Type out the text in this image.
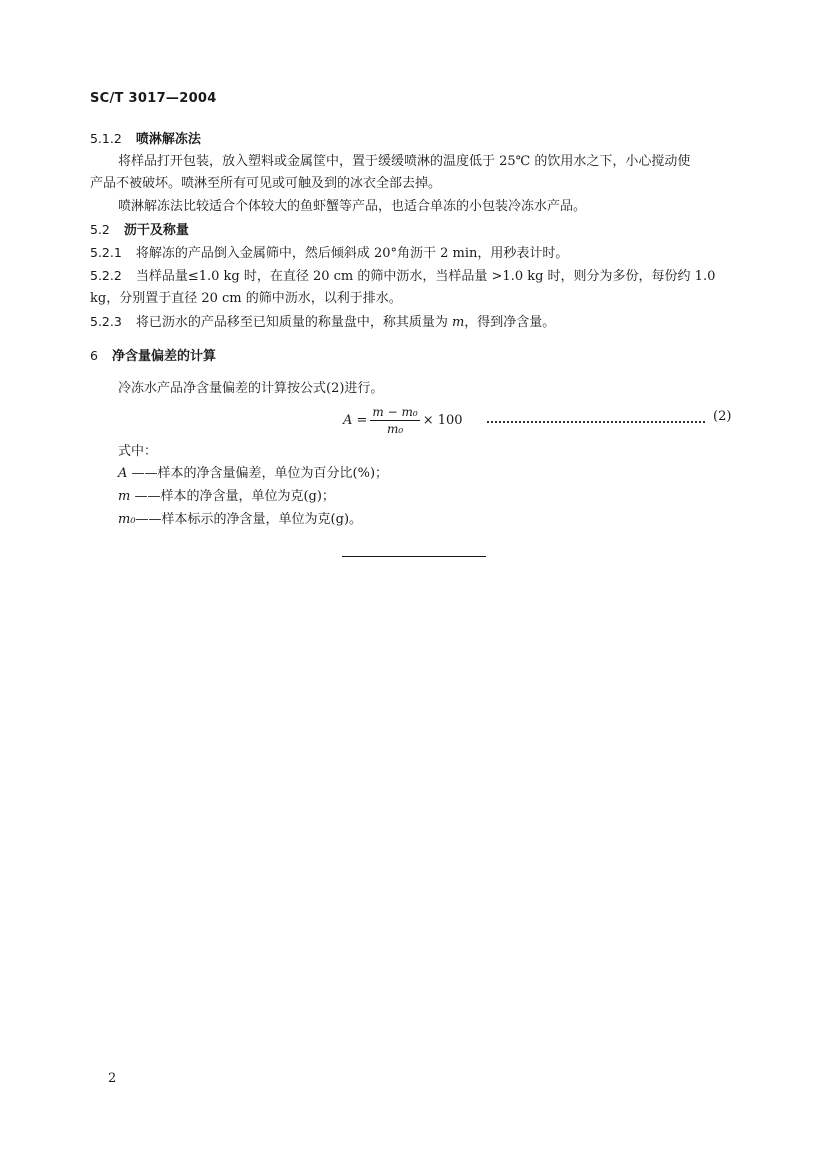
SC/T 3017—2004
5.1.2 喷淋解冻法
将样品打开包装，放入塑料或金属筐中，置于缓缓喷淋的温度低于 25℃ 的饮用水之下，小心搅动使
产品不被破坏。喷淋至所有可见或可触及到的冰衣全部去掉。
喷淋解冻法比较适合个体较大的鱼虾蟹等产品，也适合单冻的小包装冷冻水产品。
5.2 沥干及称量
5.2.1 将解冻的产品倒入金属筛中，然后倾斜成 20°角沥干 2 min，用秒表计时。
5.2.2 当样品量≤1.0 kg 时，在直径 20 cm 的筛中沥水，当样品量 >1.0 kg 时，则分为多份，每份约 1.0
kg，分别置于直径 20 cm 的筛中沥水，以利于排水。
5.2.3 将已沥水的产品移至已知质量的称量盘中，称其质量为 m，得到净含量。
6 净含量偏差的计算
冷冻水产品净含量偏差的计算按公式(2)进行。
$A = \frac{\text{m − m₀}}{\text{m₀}} \times 100$	(2)
式中：
A ——样本的净含量偏差，单位为百分比(%)；
m ——样本的净含量，单位为克(g)；
m₀——样本标示的净含量，单位为克(g)。
2
